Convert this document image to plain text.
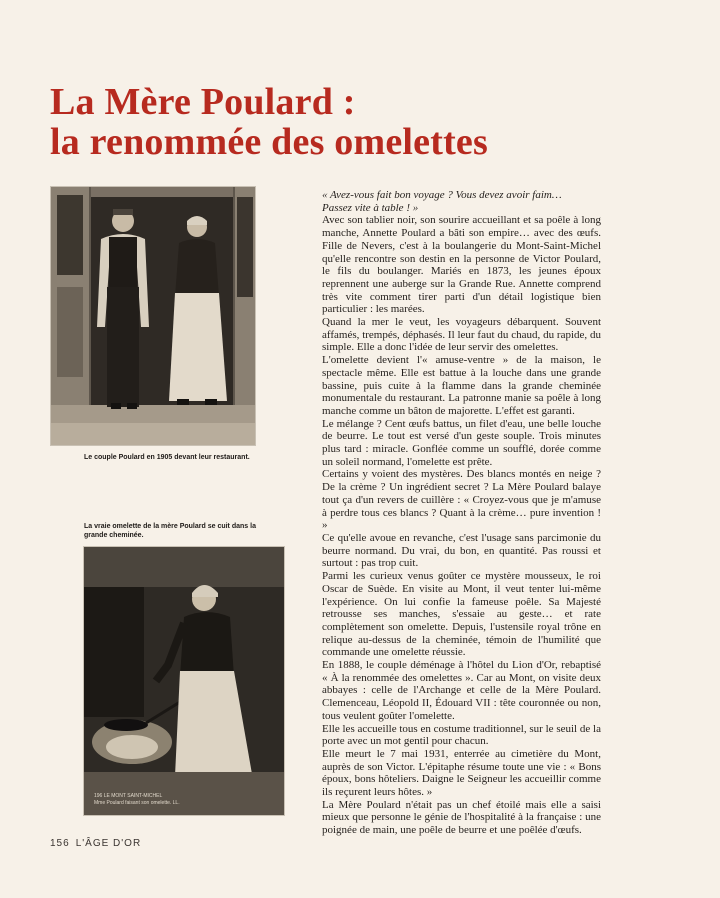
La Mère Poulard :
la renommée des omelettes
Le couple Poulard en 1905 devant leur restaurant.
La vraie omelette de la mère Poulard se cuit dans la grande cheminée.
196 LE MONT SAINT-MICHEL
Mme Poulard faisant son omelette. LL.

« Avez-vous fait bon voyage ? Vous devez avoir faim…
Passez vite à table ! »

Avec son tablier noir, son sourire accueillant et sa poêle à long manche, Annette Poulard a bâti son empire… avec des œufs. Fille de Nevers, c'est à la boulangerie du Mont-Saint-Michel qu'elle rencontre son destin en la personne de Victor Poulard, le fils du boulanger. Mariés en 1873, les jeunes époux reprennent une auberge sur la Grande Rue. Annette comprend très vite comment tirer parti d'un détail logistique bien particulier : les marées.

Quand la mer le veut, les voyageurs débarquent. Souvent affamés, trempés, déphasés. Il leur faut du chaud, du rapide, du simple. Elle a donc l'idée de leur servir des omelettes.

L'omelette devient l'« amuse-ventre » de la maison, le spectacle même. Elle est battue à la louche dans une grande bassine, puis cuite à la flamme dans la grande cheminée monumentale du restaurant. La patronne manie sa poêle à long manche comme un bâton de majorette. L'effet est garanti.

Le mélange ? Cent œufs battus, un filet d'eau, une belle louche de beurre. Le tout est versé d'un geste souple. Trois minutes plus tard : miracle. Gonflée comme un soufflé, dorée comme un soleil normand, l'omelette est prête.

Certains y voient des mystères. Des blancs montés en neige ? De la crème ? Un ingrédient secret ? La Mère Poulard balaye tout ça d'un revers de cuillère : « Croyez-vous que je m'amuse à perdre tous ces blancs ? Quant à la crème… pure invention ! »

Ce qu'elle avoue en revanche, c'est l'usage sans parcimonie du beurre normand. Du vrai, du bon, en quantité. Pas roussi et surtout : pas trop cuit.

Parmi les curieux venus goûter ce mystère mousseux, le roi Oscar de Suède. En visite au Mont, il veut tenter lui-même l'expérience. On lui confie la fameuse poêle. Sa Majesté retrousse ses manches, s'essaie au geste… et rate complètement son omelette. Depuis, l'ustensile royal trône en relique au-dessus de la cheminée, témoin de l'humilité que commande une omelette réussie.

En 1888, le couple déménage à l'hôtel du Lion d'Or, rebaptisé « À la renommée des omelettes ». Car au Mont, on visite deux abbayes : celle de l'Archange et celle de la Mère Poulard. Clemenceau, Léopold II, Édouard VII : tête couronnée ou non, tous veulent goûter l'omelette.

Elle les accueille tous en costume traditionnel, sur le seuil de la porte avec un mot gentil pour chacun.

Elle meurt le 7 mai 1931, enterrée au cimetière du Mont, auprès de son Victor. L'épitaphe résume toute une vie : « Bons époux, bons hôteliers. Daigne le Seigneur les accueillir comme ils reçurent leurs hôtes. »

La Mère Poulard n'était pas un chef étoilé mais elle a saisi mieux que personne le génie de l'hospitalité à la française : une poignée de main, une poêle de beurre et une poêlée d'œufs.

156 L'ÂGE D'OR
